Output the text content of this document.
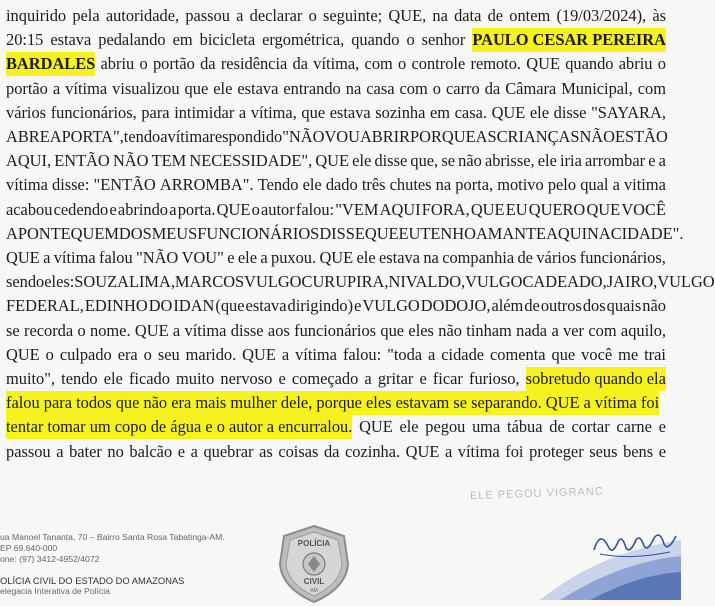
inquirido pela autoridade, passou a declarar o seguinte; QUE, na data de ontem (19/03/2024), às
20:15 estava pedalando em bicicleta ergométrica, quando o senhor PAULO CESAR PEREIRA
BARDALES abriu o portão da residência da vítima, com o controle remoto. QUE quando abriu o
portão a vítima visualizou que ele estava entrando na casa com o carro da Câmara Municipal, com
vários funcionários, para intimidar a vítima, que estava sozinha em casa. QUE ele disse "SAYARA,
ABRE A PORTA", tendo a vítima respondido "NÃO VOU ABRIR PORQUE AS CRIANÇAS NÃO ESTÃO
AQUI, ENTÃO NÃO TEM NECESSIDADE", QUE ele disse que, se não abrisse, ele iria arrombar e a
vítima disse: "ENTÃO ARROMBA". Tendo ele dado três chutes na porta, motivo pelo qual a vitima
acabou cedendo e abrindo a porta. QUE o autor falou: "VEM AQUI FORA, QUE EU QUERO QUE VOCÊ
APONTE QUEM DOS MEUS FUNCIONÁRIOS DISSE QUE EU TENHO AMANTE AQUI NA CIDADE".
QUE a vítima falou "NÃO VOU" e ele a puxou. QUE ele estava na companhia de vários funcionários,
sendo eles: SOUZA LIMA, MARCOS VULGO CURUPIRA, NIVALDO, VULGO CADEADO, JAIRO, VULGO
FEDERAL, EDINHO DO IDAN (que estava dirigindo) e VULGO DODOJO, além de outros dos quais não
se recorda o nome. QUE a vítima disse aos funcionários que eles não tinham nada a ver com aquilo,
QUE o culpado era o seu marido. QUE a vítima falou: "toda a cidade comenta que você me trai
muito", tendo ele ficado muito nervoso e começado a gritar e ficar furioso, sobretudo quando ela
falou para todos que não era mais mulher dele, porque eles estavam se separando. QUE a vítima foi
tentar tomar um copo de água e o autor a encurralou. QUE ele pegou uma tábua de cortar carne e
passou a bater no balcão e a quebrar as coisas da cozinha. QUE a vítima foi proteger seus bens e
ELE PEGOU VIGRANC
ua Manoel Tananta, 70 – Bairro Santa Rosa Tabatinga-AM.
EP 69.640-000
one: (97) 3412-4952/4072
OLÍCIA CIVIL DO ESTADO DO AMAZONAS
elegacia Interativa de Polícia
POLÍCIA
CIVIL
AM
